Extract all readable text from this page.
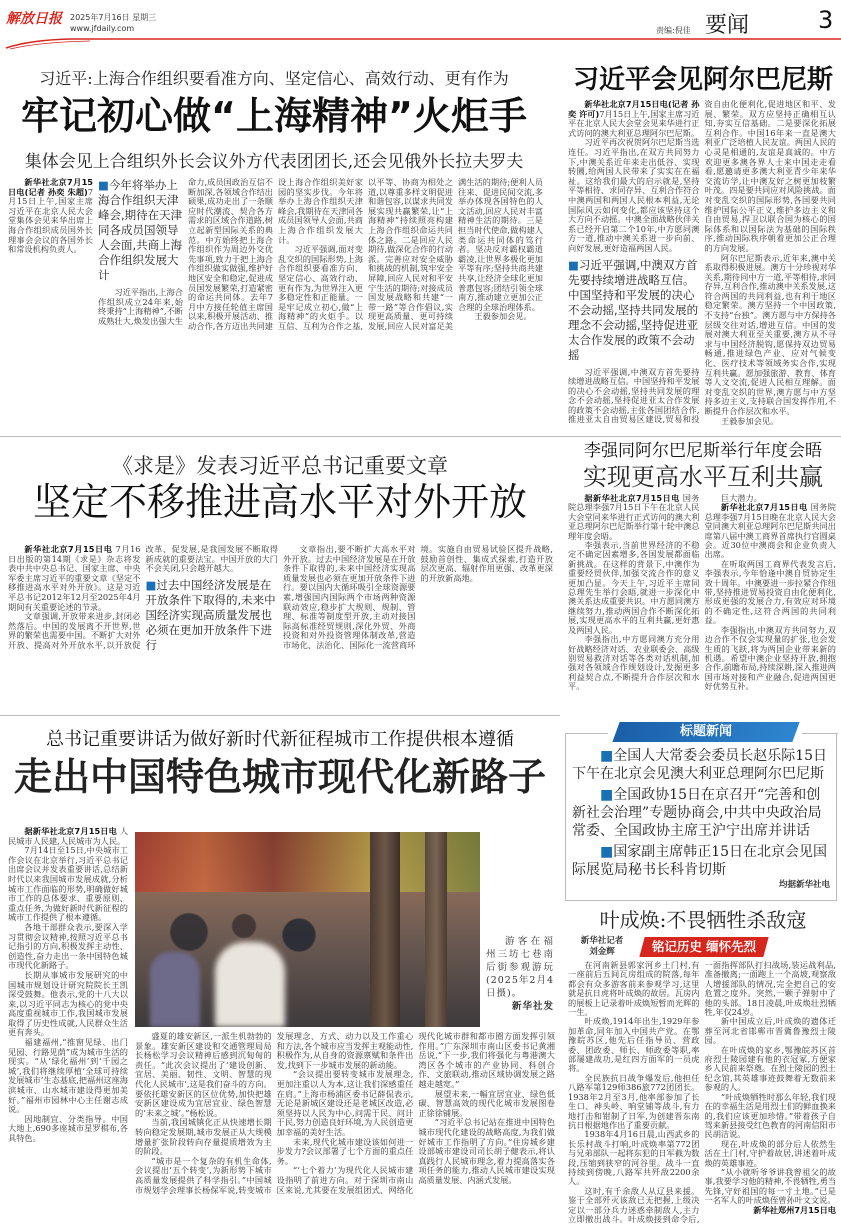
解放日报	2025年7月16日 星期三
www.jfdaily.com	责编:倪佳 要闻	3
习近平:上海合作组织要看准方向、坚定信心、高效行动、更有作为
牢记初心做“上海精神”火炬手
集体会见上合组织外长会议外方代表团团长,还会见俄外长拉夫罗夫

新华社北京7月15日电(记者 孙奕 朱超)7月15日上午,国家主席习近平在北京人民大会堂集体会见来华出席上海合作组织成员国外长理事会会议的各国外长和常设机构负责人。

■今年将举办上海合作组织天津峰会,期待在天津同各成员国领导人会面,共商上海合作组织发展大计

习近平指出,上海合作组织成立24年来,始终秉持“上海精神”,不断成熟壮大,焕发出强大生命力,成员国政治互信不断加深,各领域合作结出硕果,成功走出了一条顺应时代潮流、契合各方需求的区域合作道路,树立起新型国际关系的典范。中方始终把上海合作组织作为周边外交优先事项,致力于把上海合作组织做实做强,维护好地区安全和稳定,促进成员国发展繁荣,打造紧密的命运共同体。去年7月中方接任轮值主席国以来,积极开展活动、推动合作,各方迈出共同建设上海合作组织美好家园的坚实步伐。今年将举办上海合作组织天津峰会,我期待在天津同各成员国领导人会面,共商上海合作组织发展大计。

习近平强调,面对变乱交织的国际形势,上海合作组织要看准方向、坚定信心、高效行动、更有作为,为世界注入更多稳定性和正能量。一是牢记成立初心,做“上海精神”的火炬手。以互信、互利为合作之基,以平等、协商为相处之道,以尊重多样文明促进和谐包容,以谋求共同发展实现共赢繁荣,让“上海精神”持续照亮构建上海合作组织命运共同体之路。二是回应人民期待,做深化合作的行动派。完善应对安全威胁和挑战的机制,筑牢安全屏障,回应人民对和平安宁生活的期待;对接成员国发展战略和共建“一带一路”等合作倡议,实现更高质量、更可持续发展,回应人民对富足美满生活的期待;便利人员往来、促进民间交流,多举办体现各国特色的人文活动,回应人民对丰富精神生活的期待。三是担当时代使命,做构建人类命运共同体的笃行者。坚决反对霸权霸道霸凌,让世界多极化更加平等有序;坚持共商共建共享,让经济全球化更加普惠包容;团结引领全球南方,推动建立更加公正合理的全球治理体系。

王毅参加会见。

习近平会见阿尔巴尼斯

新华社北京7月15日电(记者 孙奕 许可)7月15日上午,国家主席习近平在北京人民大会堂会见来华进行正式访问的澳大利亚总理阿尔巴尼斯。

习近平再次祝贺阿尔巴尼斯当选连任。习近平指出,在双方共同努力下,中澳关系近年来走出低谷、实现转圜,给两国人民带来了实实在在福祉。这给我们最大的启示就是,坚持平等相待、求同存异、互利合作符合中澳两国和两国人民根本利益,无论国际风云如何变化,都应该坚持这个大方向不动摇。中澳全面战略伙伴关系已经开启第二个10年,中方愿同澳方一道,推动中澳关系进一步向前、向好发展,更好造福两国人民。

■习近平强调,中澳双方首先要持续增进战略互信。中国坚持和平发展的决心不会动摇,坚持共同发展的理念不会动摇,坚持促进亚太合作发展的政策不会动摇

习近平强调,中澳双方首先要持续增进战略互信。中国坚持和平发展的决心不会动摇,坚持共同发展的理念不会动摇,坚持促进亚太合作发展的政策不会动摇,主张各国团结合作,推进亚太自由贸易区建设,贸易和投资自由化便利化,促进地区和平、发展、繁荣。双方应坚持正确相互认知,夯实互信基础。二是要深化拓展互利合作。中国16年来一直是澳大利亚广泛培植人民友谊。两国人民的心灵是相通的,友谊是真诚的。中方欢迎更多澳各界人士来中国走走看看,愿邀请更多澳大利亚青少年来华交流访学,让中澳友好之树更加枝繁叶茂。四是要共同应对风险挑战。面对变乱交织的国际形势,各国要共同维护国际公平正义,维护多边主义和自由贸易,捍卫以联合国为核心的国际体系和以国际法为基础的国际秩序,推动国际秩序朝着更加公正合理的方向发展。

阿尔巴尼斯表示,近年来,澳中关系取得积极进展。澳方十分珍视对华关系,期待同中方一道,平等相待,求同存异,互利合作,推动澳中关系发展,这符合两国的共同利益,也有利于地区稳定繁荣。澳方坚持一个中国政策,不支持“台独”。澳方愿与中方保持各层级交往对话,增进互信。中国的发展对澳大利亚至关重要,澳方从不寻求与中国经济脱钩,愿保持双边贸易畅通,推进绿色产业、应对气候变化、医疗技术等领域务实合作,实现互利共赢。愿加强旅游、教育、体育等人文交流,促进人民相互理解。面对变乱交织的世界,澳方愿与中方坚持多边主义,支持联合国发挥作用,不断提升合作层次和水平。

王毅参加会见。

《求是》发表习近平总书记重要文章
坚定不移推进高水平对外开放

新华社北京7月15日电 7月16日出版的第14期《求是》杂志将发表中共中央总书记、国家主席、中央军委主席习近平的重要文章《坚定不移推进高水平对外开放》。这是习近平总书记2012年12月至2025年4月期间有关重要论述的节录。

文章强调,开放带来进步,封闭必然落后。中国的发展离不开世界,世界的繁荣也需要中国。不断扩大对外开放、提高对外开放水平,以开放促改革、促发展,是我国发展不断取得新成就的重要法宝。中国开放的大门不会关闭,只会越开越大。

■过去中国经济发展是在开放条件下取得的,未来中国经济实现高质量发展也必须在更加开放条件下进行

文章指出,要不断扩大高水平对外开放。过去中国经济发展是在开放条件下取得的,未来中国经济实现高质量发展也必须在更加开放条件下进行。要以国内大循环吸引全球资源要素,增强国内国际两个市场两种资源联动效应,稳步扩大规则、规制、管理、标准等制度型开放,主动对接国际高标准经贸规则,深化外贸、外商投资和对外投资管理体制改革,营造市场化、法治化、国际化一流营商环境。实施自由贸易试验区提升战略,鼓励首创性、集成式探索,打造开放层次更高、辐射作用更强、改革更深的开放新高地。

李强同阿尔巴尼斯举行年度会晤
实现更高水平互利共赢

据新华社北京7月15日电 国务院总理李强7月15日下午在北京人民大会堂同来华进行正式访问的澳大利亚总理阿尔巴尼斯举行第十轮中澳总理年度会晤。

李强表示,当前世界经济的不稳定不确定因素增多,各国发展都面临新挑战。在这样的背景下,中澳作为重要经贸伙伴,加强交流合作的意义更加凸显。今天上午,习近平主席同总理先生举行会晤,就进一步深化中澳关系达成重要共识。中方愿同澳方继续努力,推动两国合作不断深化拓展,实现更高水平的互利共赢,更好惠及两国人民。

李强指出,中方愿同澳方充分用好战略经济对话、农业联委会、高级别贸易救济对话等各类对话机制,加强对各领域合作规划设计,发掘更多利益契合点,不断提升合作层次和水平。

巨大潜力。

新华社北京7月15日电 国务院总理李强7月15日晚在北京人民大会堂同澳大利亚总理阿尔巴尼斯共同出席第八届中澳工商界首席执行官圆桌会。近30位中澳商会和企业负责人出席。

在听取两国工商界代表发言后,李强表示,今年恰逢中澳自贸协定生效十周年。中澳要进一步拉紧合作纽带,坚持推进贸易投资自由化便利化,形成更强的发展合力,有效应对环境的不确定性,这符合两国的共同利益。

李强指出,中澳双方共同努力,双边合作不仅会实现量的扩张,也会发生质的飞跃,将为两国企业带来新的机遇。希望中澳企业坚持开放,拥抱合作,前瞻布局,持续深耕,深入推进两国市场对接和产业融合,促进两国更好优势互补。

总书记重要讲话为做好新时代新征程城市工作提供根本遵循
走出中国特色城市现代化新路子

据新华社北京7月15日电 人民城市人民建,人民城市为人民。

7月14日至15日,中央城市工作会议在北京举行,习近平总书记出席会议并发表重要讲话,总结新时代以来我国城市发展成就,分析城市工作面临的形势,明确做好城市工作的总体要求、重要原则、重点任务,为做好新时代新征程的城市工作提供了根本遵循。

各地干部群众表示,要深入学习贯彻会议精神,按照习近平总书记指引的方向,积极发挥主动性、创造性,奋力走出一条中国特色城市现代化新路子。

长期从事城市发展研究的中国城市规划设计研究院院长王凯深受鼓舞。他表示,党的十八大以来,以习近平同志为核心的党中央高度重视城市工作,我国城市发展取得了历史性成就,人民群众生活更有奔头。

福建福州,“推窗见绿、出门见园、行路见荫”成为城市生活的现实。“从‘绿化福州’到‘千园之城’,我们将继续厚植‘全球可持续发展城市’生态基底,把福州这座海滨城市、山水城市建设得更加美好。”福州市园林中心主任谢志成说。

因地制宜、分类指导。中国大地上,690多座城市星罗棋布,各具特色。

游客在福州三坊七巷南后街参观游玩(2025年2月4日摄)。
新华社发

盛夏的雄安新区,一派生机勃勃的景象。雄安新区建设和交通管理局局长杨松学习会议精神后感到沉甸甸的责任。“此次会议提出了‘建设创新、宜居、美丽、韧性、文明、智慧的现代化人民城市’,这是我们奋斗的方向。要依托雄安新区的区位优势,加快把雄安新区建设成为宜居宜业、绿色智慧的‘未来之城’。”杨松说。

当前,我国城镇化正从快速增长期转向稳定发展期,城市发展正从大规模增量扩张阶段转向存量提质增效为主的阶段。

“城市是一个复杂的有机生命体,会议提出‘五个转变’,为新形势下城市高质量发展提供了科学指引。”中国城市规划学会理事长杨保军说,转变城市发展理念、方式、动力以及工作重心和方法,各个城市应当发挥主观能动性,积极作为,从自身的资源禀赋和条件出发,找到下一步城市发展的新动能。

“会议提出要转变城市发展理念,更加注重以人为本,这让我们深感重任在肩。”上海市杨浦区委书记薛侃表示,无论是新城区建设还是老城区改造,必须坚持以人民为中心,问需于民、问计于民,努力创造良好环境,为人民创造更加幸福的美好生活。

未来,现代化城市建设该如何进一步发力?会议部署了七个方面的重点任务。

“‘七个着力’为现代化人民城市建设指明了前进方向。对于深圳市南山区来说,尤其要在发展组团式、网络化现代化城市群和都市圈方面发挥引领作用。”广东深圳市南山区委书记黄湘岳说,“下一步,我们将强化与粤港澳大湾区各个城市的产业协同、科创合作、文旅联动,推动区域协调发展之路越走越宽。”

展望未来,一幅宜居宜业、绿色低碳、智慧高效的现代化城市发展图卷正徐徐铺展。

“习近平总书记站在推进中国特色城市现代化建设的战略高度,为我们做好城市工作指明了方向。”住房城乡建设部城市建设司司长胡子健表示,将认真践行人民城市理念,着力提高落实各项任务的能力,推动人民城市建设实现高质量发展、内涵式发展。

标题新闻

■全国人大常委会委员长赵乐际15日下午在北京会见澳大利亚总理阿尔巴尼斯

■全国政协15日在京召开“完善和创新社会治理”专题协商会,中共中央政治局常委、全国政协主席王沪宁出席并讲话

■国家副主席韩正15日在北京会见国际展览局秘书长科肯切斯

均据新华社电
叶成焕:不畏牺牲杀敌寇
新华社记者
刘金辉	铭记历史 缅怀先烈

在河南新县郭家河乡土门村,有一座前后五间瓦房组成的院落,每年都会有众多游客前来参观学习,这里就是抗日虎将叶成焕的故居。瓦房内的展板上记录着叶成焕短暂而光辉的一生。

叶成焕,1914年出生,1929年参加革命,同年加入中国共产党。在鄂豫皖苏区,他先后任指导员、营政委、团政委、师长、师政委等职,率部屡建战功,是红四方面军的一员虎将。

全民族抗日战争爆发后,他担任八路军第129师386旅772团团长。1938年2月至3月,他率部参加了长生口、神头岭、响堂铺等战斗,有力地打击和钳制了日军,为创建晋东南抗日根据地作出了重要贡献。

1938年4月16日晨,山西武乡的长乐村战斗打响,叶成焕率第772团与兄弟部队一起将东犯的日军截为数段,压缩到狭窄的河谷里。战斗一直持续到傍晚,八路军共歼敌2200余人。

这时,有千余敌人从辽县来援。鉴于全部歼灭该敌已无把握,上级决定以一部分兵力迷惑牵制敌人,主力立即撤出战斗。叶成焕接到命令后,一面指挥部队打扫战场,装运战利品,准备撤离;一面跑上一个高坡,观察敌人增援部队的情况,完全把自己的安危置之度外。突然,一颗子弹射中了他的头部。18日凌晨,叶成焕壮烈牺牲,年仅24岁。

新中国成立后,叶成焕的遗体迁葬至河北省邯郸市晋冀鲁豫烈士陵园。

在叶成焕的家乡,鄂豫皖苏区首府烈士陵园建有他的衣冠冢,方便家乡人民前来祭奠。在烈士陵园的烈士纪念馆,其英雄事迹鼓舞着无数前来参观的人。

“叶成焕牺牲时那么年轻,我们现在的幸福生活是用烈士们的鲜血换来的,我们应该更加珍惜。”带着孩子自驾来新县接受红色教育的河南信阳市民胡洁说。

现在,叶成焕的部分后人依然生活在土门村,守护着故居,讲述着叶成焕的英雄事迹。

“从小就听爷爷讲我曾祖父的故事,我要学习他的精神,不畏牺牲,勇当先锋,守好祖国的每一寸土地。”已是一名军人的叶成焕侄曾孙叶文文说。

新华社郑州7月15日电
